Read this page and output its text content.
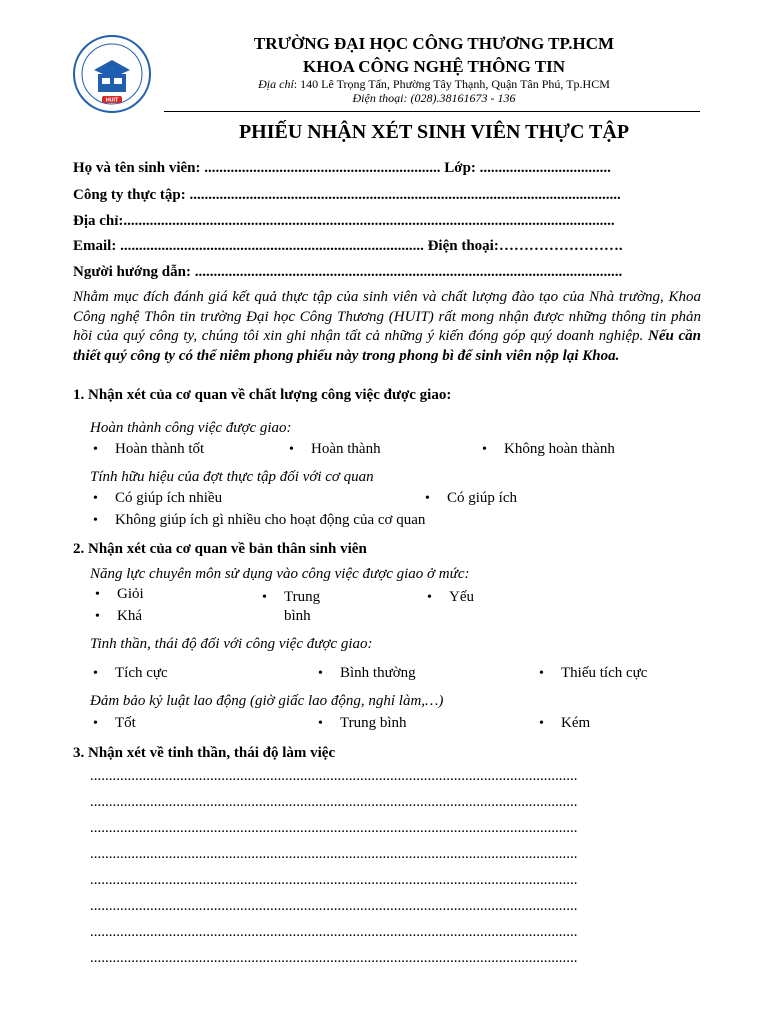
HUIT
TRƯỜNG ĐẠI HỌC CÔNG THƯƠNG TP.HCM
KHOA CÔNG NGHỆ THÔNG TIN
Địa chỉ: 140 Lê Trọng Tấn, Phường Tây Thạnh, Quận Tân Phú, Tp.HCM
Điện thoại: (028).38161673 - 136
PHIẾU NHẬN XÉT SINH VIÊN THỰC TẬP
Họ và tên sinh viên: ............................................................... Lớp: ...................................
Công ty thực tập: ...................................................................................................................
Địa chỉ:...................................................................................................................................
Email: ................................................................................. Điện thoại:…………………….
Người hướng dẫn: ..................................................................................................................
Nhằm mục đích đánh giá kết quả thực tập của sinh viên và chất lượng đào tạo của Nhà trường, Khoa Công nghệ Thôn tin trường Đại học Công Thương (HUIT) rất mong nhận được những thông tin phản hồi của quý công ty, chúng tôi xin ghi nhận tất cả những ý kiến đóng góp quý doanh nghiệp. Nếu cần thiết quý công ty có thể niêm phong phiếu này trong phong bì để sinh viên nộp lại Khoa.
1. Nhận xét của cơ quan về chất lượng công việc được giao:
Hoàn thành công việc được giao:
• Hoàn thành tốt	• Hoàn thành	• Không hoàn thành
Tính hữu hiệu của đợt thực tập đối với cơ quan
• Có giúp ích nhiều	• Có giúp ích
• Không giúp ích gì nhiều cho hoạt động của cơ quan
2. Nhận xét của cơ quan về bản thân sinh viên
Năng lực chuyên môn sử dụng vào công việc được giao ở mức:
• Giỏi
• Khá
• Trung
bình
• Yếu
Tinh thần, thái độ đối với công việc được giao:
• Tích cực	• Bình thường	• Thiếu tích cực
Đảm bảo kỷ luật lao động (giờ giấc lao động, nghỉ làm,…)
• Tốt	• Trung bình	• Kém
3. Nhận xét về tinh thần, thái độ làm việc
..................................................................................................................................
..................................................................................................................................
..................................................................................................................................
..................................................................................................................................
..................................................................................................................................
..................................................................................................................................
..................................................................................................................................
..................................................................................................................................
